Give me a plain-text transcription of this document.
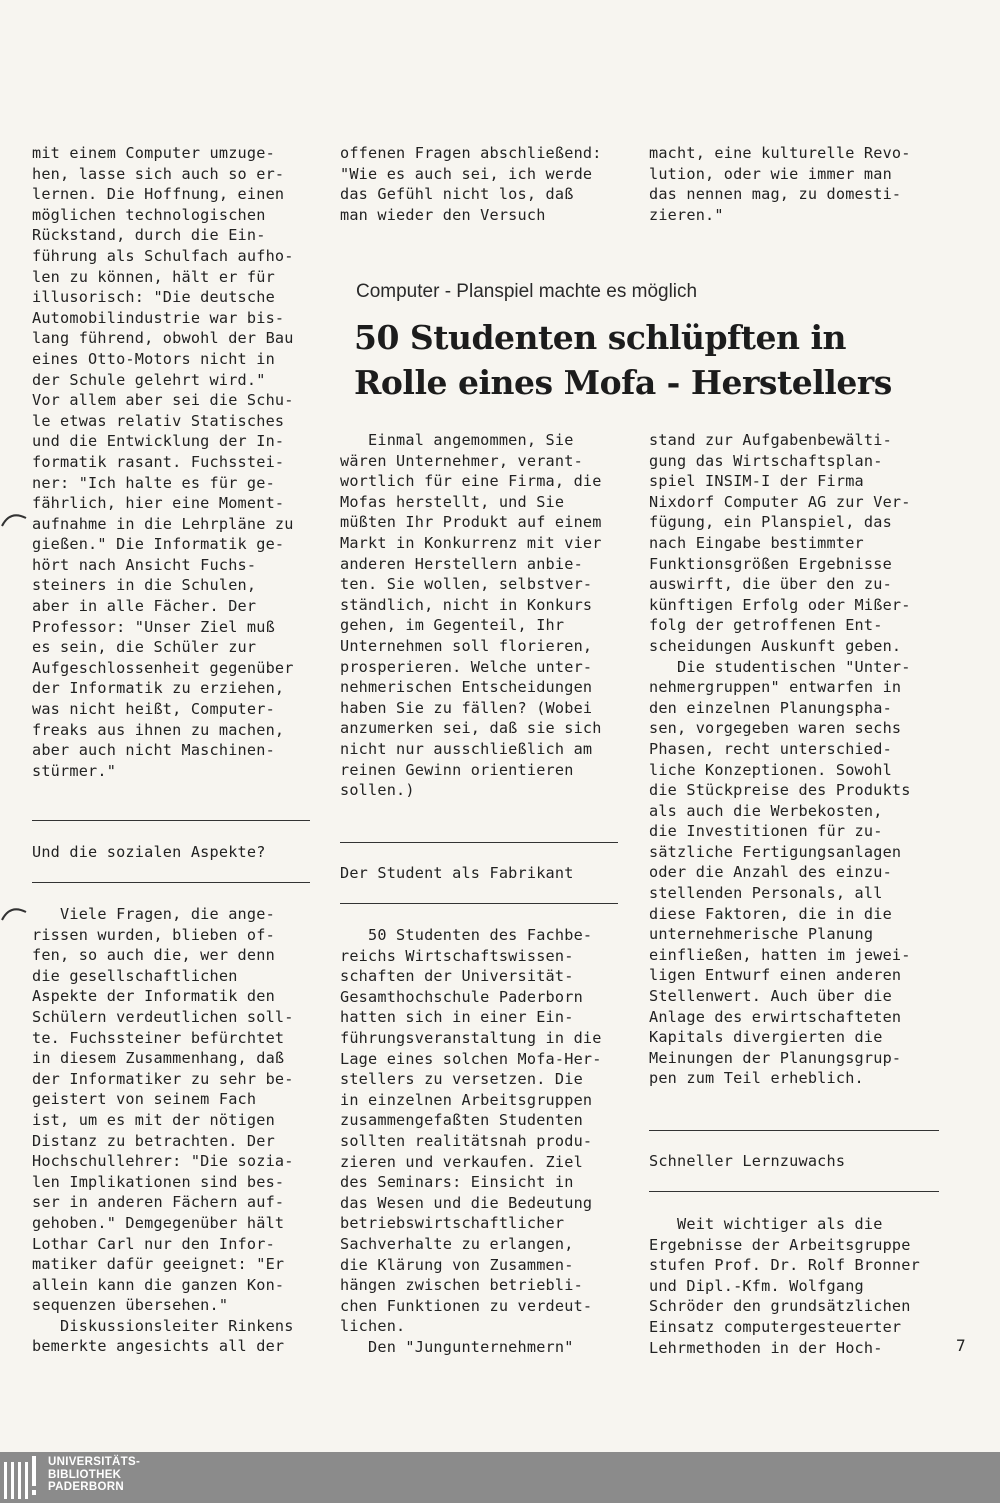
mit einem Computer umzuge-

hen, lasse sich auch so er-

lernen. Die Hoffnung, einen

möglichen technologischen

Rückstand, durch die Ein-

führung als Schulfach aufho-

len zu können, hält er für

illusorisch: "Die deutsche

Automobilindustrie war bis-

lang führend, obwohl der Bau

eines Otto-Motors nicht in

der Schule gelehrt wird."

Vor allem aber sei die Schu-

le etwas relativ Statisches

und die Entwicklung der In-

formatik rasant. Fuchsstei-

ner: "Ich halte es für ge-

fährlich, hier eine Moment-

aufnahme in die Lehrpläne zu

gießen." Die Informatik ge-

hört nach Ansicht Fuchs-

steiners in die Schulen,

aber in alle Fächer. Der

Professor: "Unser Ziel muß

es sein, die Schüler zur

Aufgeschlossenheit gegenüber

der Informatik zu erziehen,

was nicht heißt, Computer-

freaks aus ihnen zu machen,

aber auch nicht Maschinen-

stürmer."

Und die sozialen Aspekte?

Viele Fragen, die ange-

rissen wurden, blieben of-

fen, so auch die, wer denn

die gesellschaftlichen

Aspekte der Informatik den

Schülern verdeutlichen soll-

te. Fuchssteiner befürchtet

in diesem Zusammenhang, daß

der Informatiker zu sehr be-

geistert von seinem Fach

ist, um es mit der nötigen

Distanz zu betrachten. Der

Hochschullehrer: "Die sozia-

len Implikationen sind bes-

ser in anderen Fächern auf-

gehoben." Demgegenüber hält

Lothar Carl nur den Infor-

matiker dafür geeignet: "Er

allein kann die ganzen Kon-

sequenzen übersehen."

Diskussionsleiter Rinkens

bemerkte angesichts all der

offenen Fragen abschließend:

"Wie es auch sei, ich werde

das Gefühl nicht los, daß

man wieder den Versuch

macht, eine kulturelle Revo-

lution, oder wie immer man

das nennen mag, zu domesti-

zieren."

Computer - Planspiel machte es möglich
50 Studenten schlüpften in
Rolle eines Mofa - Herstellers

Einmal angemommen, Sie

wären Unternehmer, verant-

wortlich für eine Firma, die

Mofas herstellt, und Sie

müßten Ihr Produkt auf einem

Markt in Konkurrenz mit vier

anderen Herstellern anbie-

ten. Sie wollen, selbstver-

ständlich, nicht in Konkurs

gehen, im Gegenteil, Ihr

Unternehmen soll florieren,

prosperieren. Welche unter-

nehmerischen Entscheidungen

haben Sie zu fällen? (Wobei

anzumerken sei, daß sie sich

nicht nur ausschließlich am

reinen Gewinn orientieren

sollen.)

Der Student als Fabrikant

50 Studenten des Fachbe-

reichs Wirtschaftswissen-

schaften der Universität-

Gesamthochschule Paderborn

hatten sich in einer Ein-

führungsveranstaltung in die

Lage eines solchen Mofa-Her-

stellers zu versetzen. Die

in einzelnen Arbeitsgruppen

zusammengefaßten Studenten

sollten realitätsnah produ-

zieren und verkaufen. Ziel

des Seminars: Einsicht in

das Wesen und die Bedeutung

betriebswirtschaftlicher

Sachverhalte zu erlangen,

die Klärung von Zusammen-

hängen zwischen betriebli-

chen Funktionen zu verdeut-

lichen.

Den "Jungunternehmern"

stand zur Aufgabenbewälti-

gung das Wirtschaftsplan-

spiel INSIM-I der Firma

Nixdorf Computer AG zur Ver-

fügung, ein Planspiel, das

nach Eingabe bestimmter

Funktionsgrößen Ergebnisse

auswirft, die über den zu-

künftigen Erfolg oder Mißer-

folg der getroffenen Ent-

scheidungen Auskunft geben.

Die studentischen "Unter-

nehmergruppen" entwarfen in

den einzelnen Planungspha-

sen, vorgegeben waren sechs

Phasen, recht unterschied-

liche Konzeptionen. Sowohl

die Stückpreise des Produkts

als auch die Werbekosten,

die Investitionen für zu-

sätzliche Fertigungsanlagen

oder die Anzahl des einzu-

stellenden Personals, all

diese Faktoren, die in die

unternehmerische Planung

einfließen, hatten im jewei-

ligen Entwurf einen anderen

Stellenwert. Auch über die

Anlage des erwirtschafteten

Kapitals divergierten die

Meinungen der Planungsgrup-

pen zum Teil erheblich.

Schneller Lernzuwachs

Weit wichtiger als die

Ergebnisse der Arbeitsgruppe

stufen Prof. Dr. Rolf Bronner

und Dipl.-Kfm. Wolfgang

Schröder den grundsätzlichen

Einsatz computergesteuerter

Lehrmethoden in der Hoch-	7
UNIVERSITÄTS-
BIBLIOTHEK
PADERBORN
